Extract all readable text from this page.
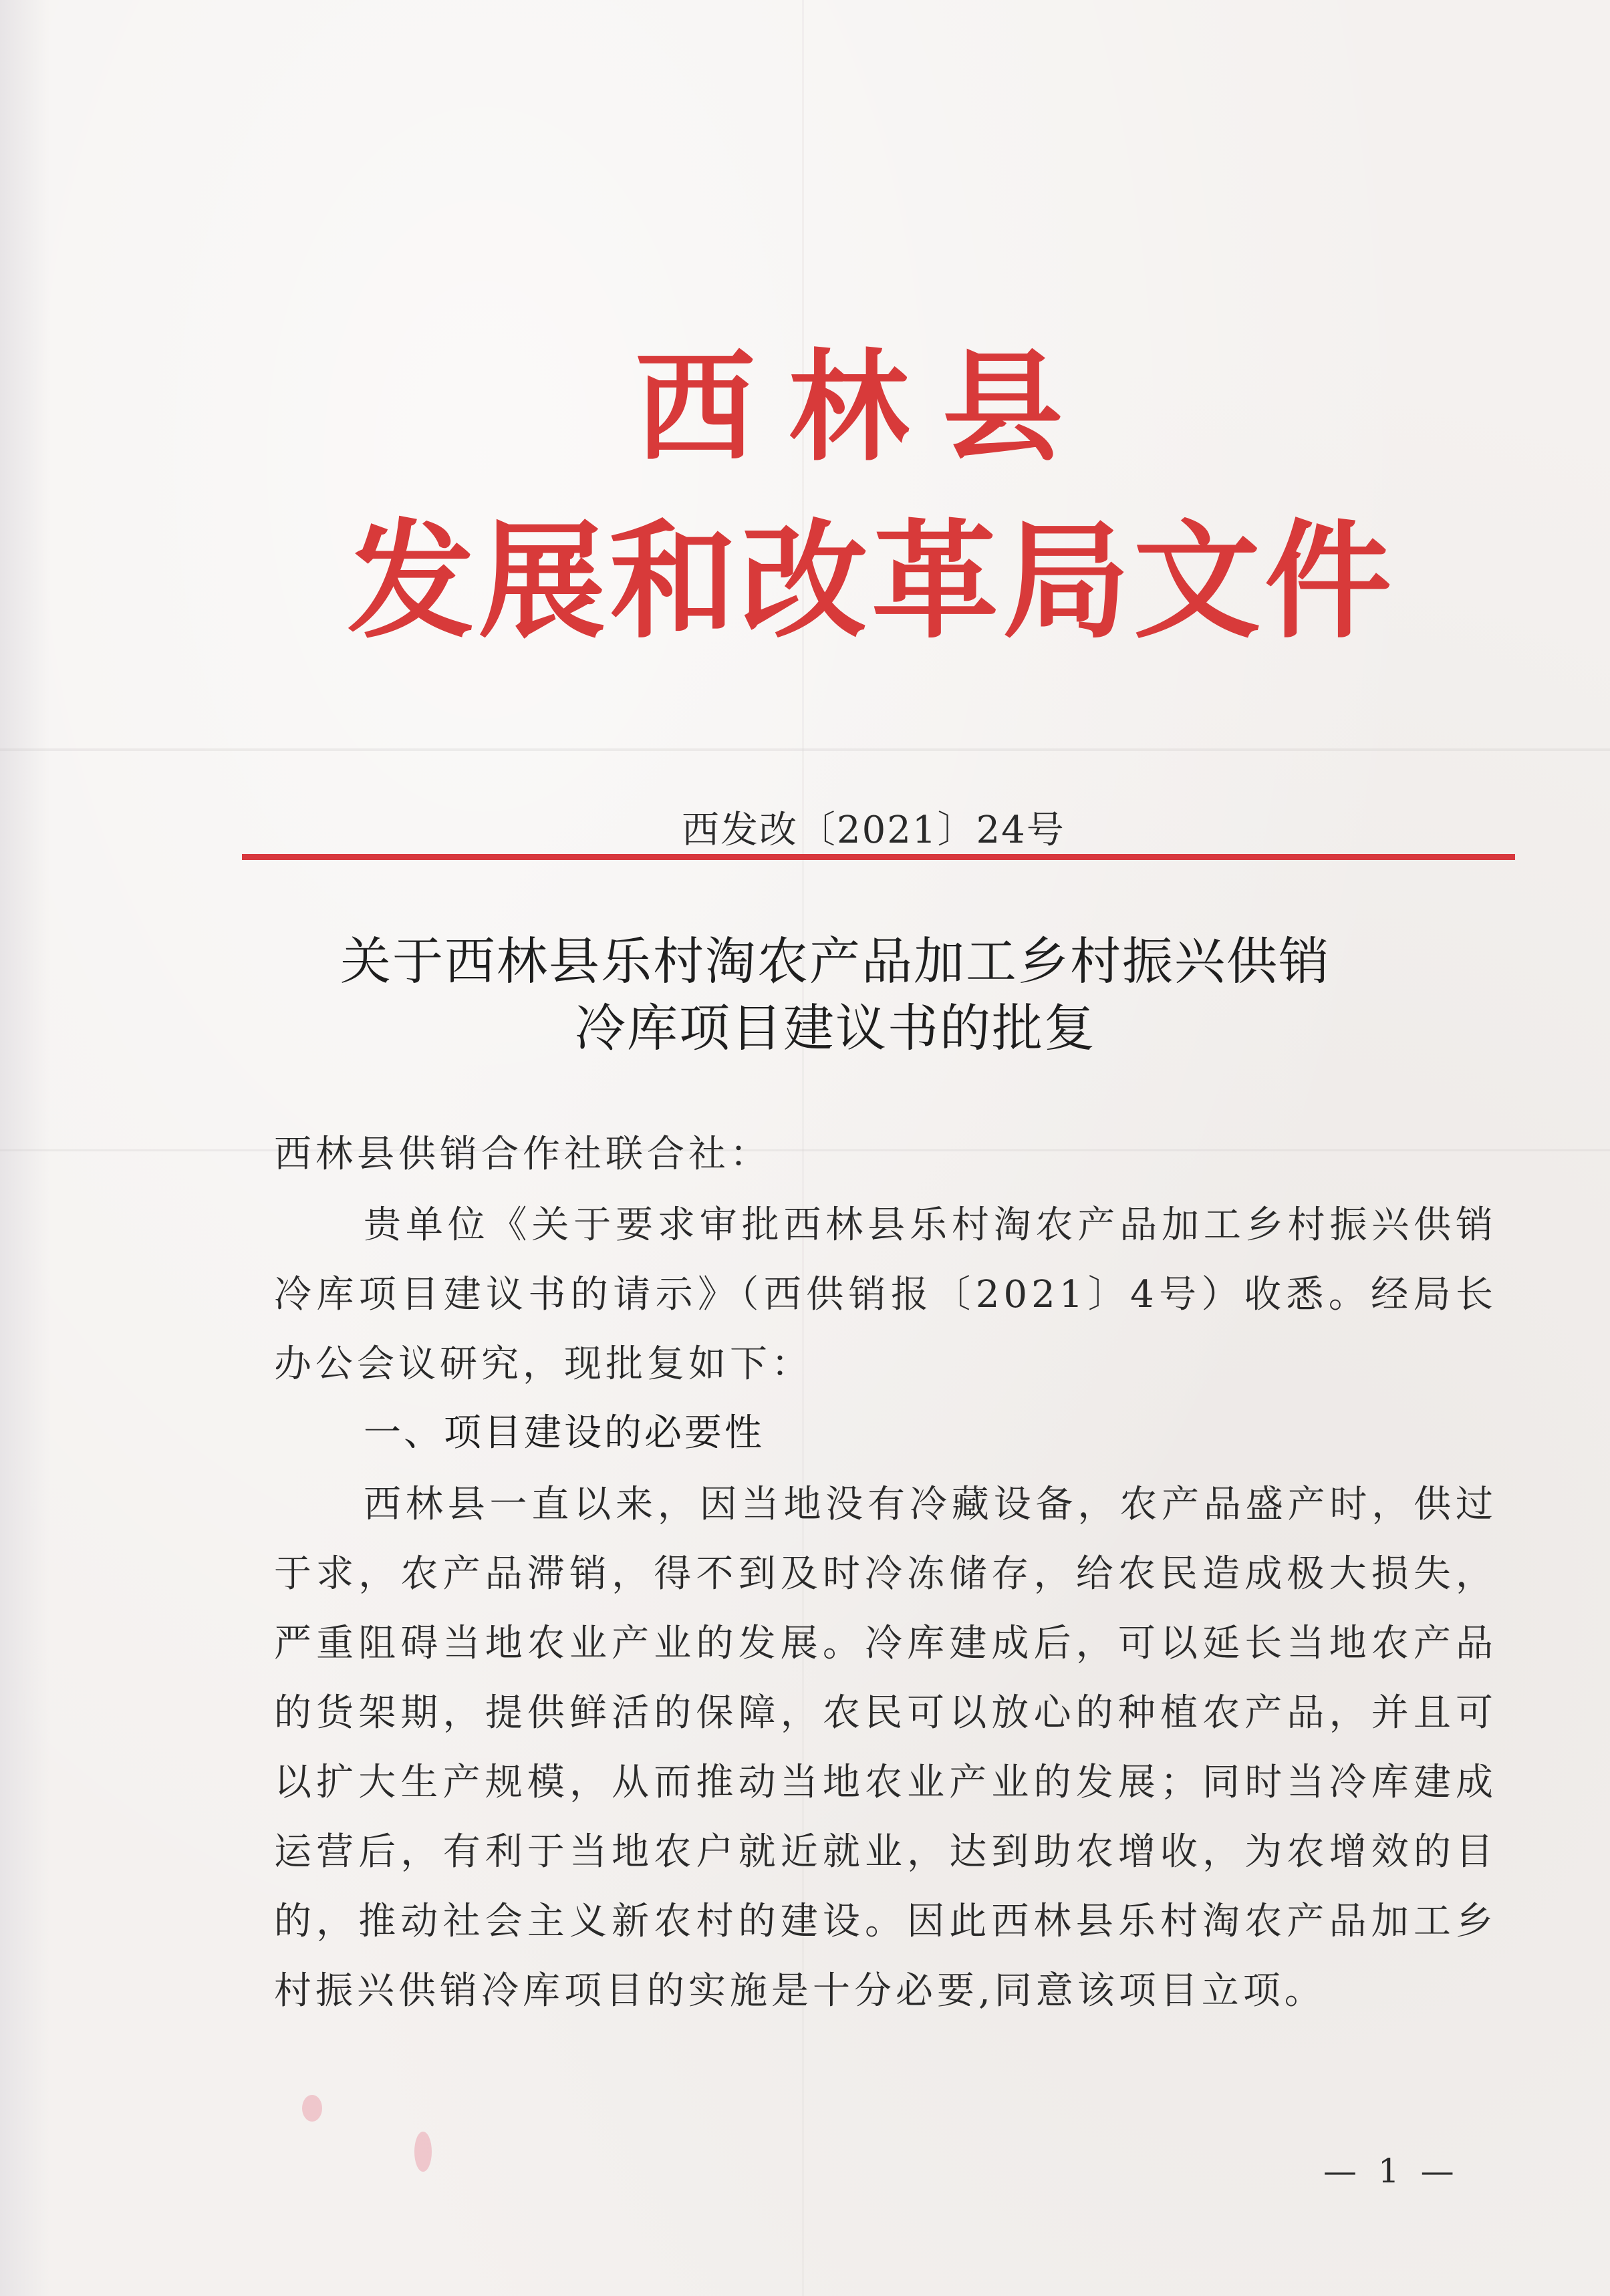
西林县
发展和改革局文件
西发改〔2021〕24号
关于西林县乐村淘农产品加工乡村振兴供销
冷库项目建议书的批复
西林县供销合作社联合社：

贵单位《关于要求审批西林县乐村淘农产品加工乡村振兴供销冷库项目建议书的请示》（西供销报〔2021〕4号）收悉。经局长办公会议研究，现批复如下：

一、项目建设的必要性

西林县一直以来，因当地没有冷藏设备，农产品盛产时，供过于求，农产品滞销，得不到及时冷冻储存，给农民造成极大损失，严重阻碍当地农业产业的发展。冷库建成后，可以延长当地农产品的货架期，提供鲜活的保障，农民可以放心的种植农产品，并且可以扩大生产规模，从而推动当地农业产业的发展；同时当冷库建成运营后，有利于当地农户就近就业，达到助农增收，为农增效的目的，推动社会主义新农村的建设。因此西林县乐村淘农产品加工乡村振兴供销冷库项目的实施是十分必要,同意该项目立项。

— 1 —
